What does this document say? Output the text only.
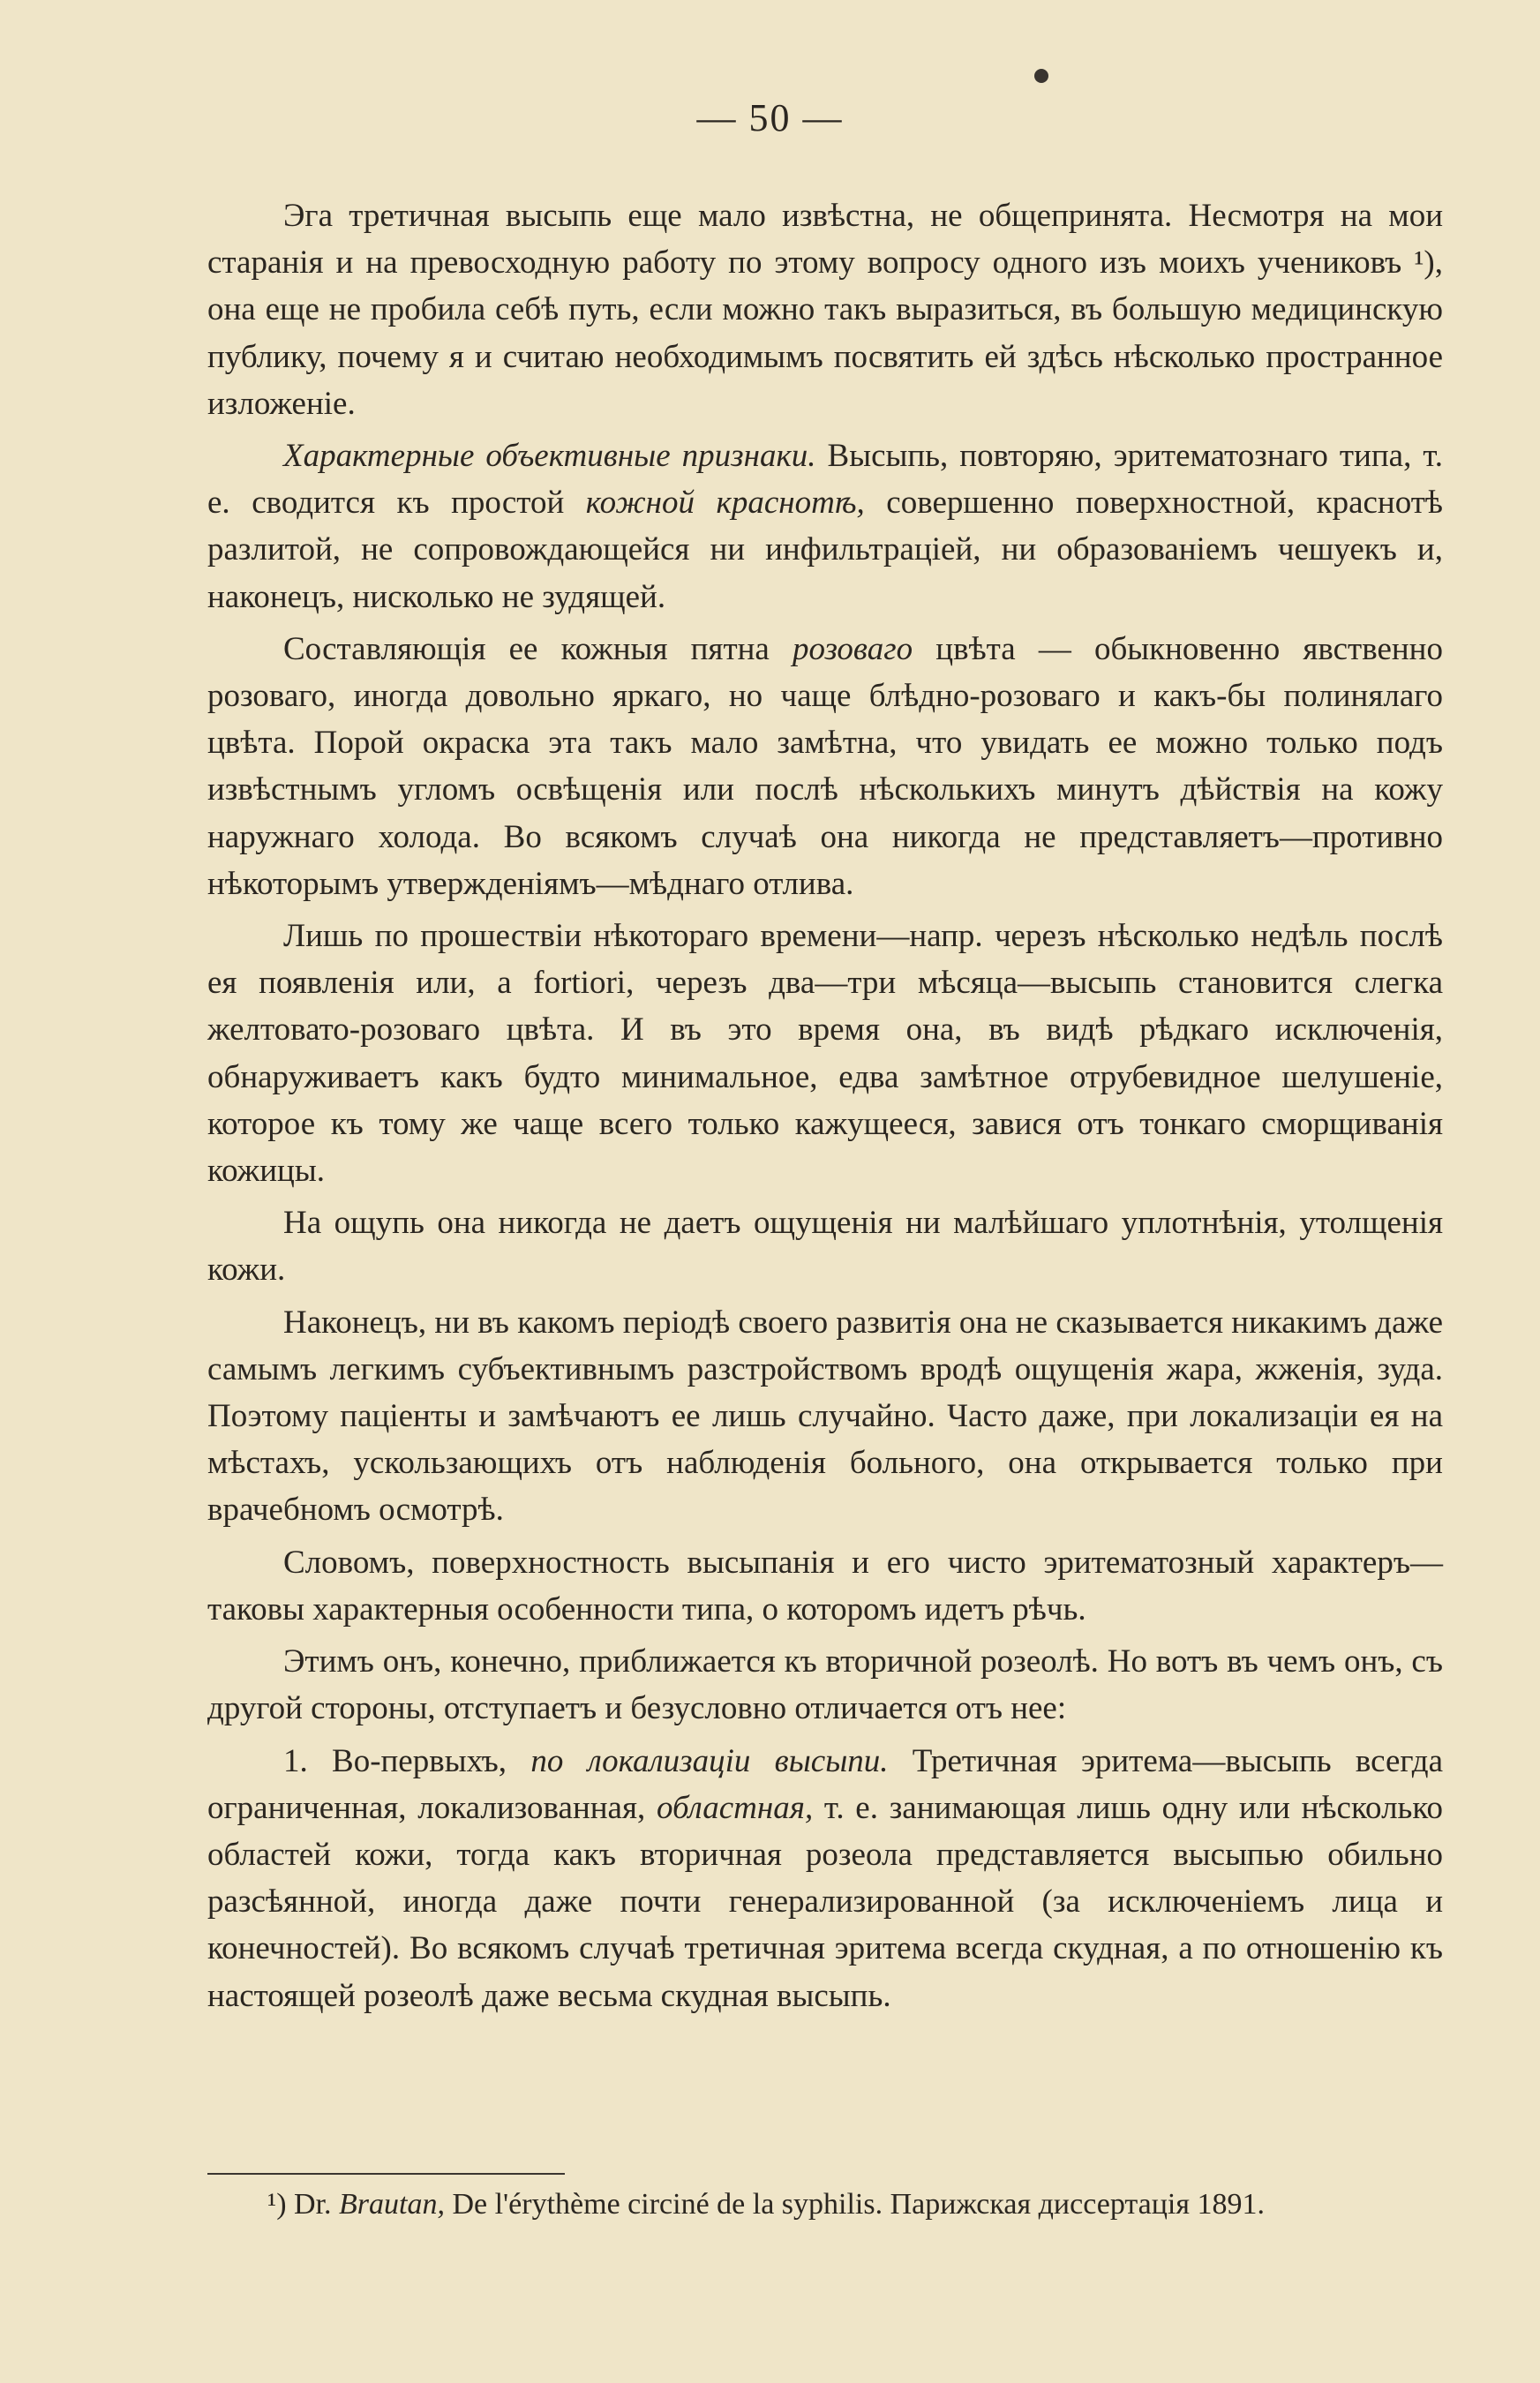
— 50 —

Эга третичная высыпь еще мало извѣстна, не общепринята. Несмотря на мои старанія и на превосходную работу по этому вопросу одного изъ моихъ учениковъ ¹), она еще не пробила себѣ путь, если можно такъ выразиться, въ большую медицинскую публику, почему я и считаю необходимымъ посвятить ей здѣсь нѣсколько пространное изложеніе.

Характерные объективные признаки. Высыпь, повторяю, эритематознаго типа, т. е. сводится къ простой кожной краснотѣ, совершенно поверхностной, краснотѣ разлитой, не сопровождающейся ни инфильтраціей, ни образованіемъ чешуекъ и, наконецъ, нисколько не зудящей.

Составляющія ее кожныя пятна розоваго цвѣта — обыкновенно явственно розоваго, иногда довольно яркаго, но чаще блѣдно-розоваго и какъ-бы полинялаго цвѣта. Порой окраска эта такъ мало замѣтна, что увидать ее можно только подъ извѣстнымъ угломъ освѣщенія или послѣ нѣсколькихъ минутъ дѣйствія на кожу наружнаго холода. Во всякомъ случаѣ она никогда не представляетъ—противно нѣкоторымъ утвержденіямъ—мѣднаго отлива.

Лишь по прошествіи нѣкотораго времени—напр. черезъ нѣсколько недѣль послѣ ея появленія или, a fortiori, черезъ два—три мѣсяца—высыпь становится слегка желтовато-розоваго цвѣта. И въ это время она, въ видѣ рѣдкаго исключенія, обнаруживаетъ какъ будто минимальное, едва замѣтное отрубевидное шелушеніе, которое къ тому же чаще всего только кажущееся, завися отъ тонкаго сморщиванія кожицы.

На ощупь она никогда не даетъ ощущенія ни малѣйшаго уплотнѣнія, утолщенія кожи.

Наконецъ, ни въ какомъ періодѣ своего развитія она не сказывается никакимъ даже самымъ легкимъ субъективнымъ разстройствомъ вродѣ ощущенія жара, жженія, зуда. Поэтому паціенты и замѣчаютъ ее лишь случайно. Часто даже, при локализаціи ея на мѣстахъ, ускользающихъ отъ наблюденія больного, она открывается только при врачебномъ осмотрѣ.

Словомъ, поверхностность высыпанія и его чисто эритематозный характеръ—таковы характерныя особенности типа, о которомъ идетъ рѣчь.

Этимъ онъ, конечно, приближается къ вторичной розеолѣ. Но вотъ въ чемъ онъ, съ другой стороны, отступаетъ и безусловно отличается отъ нее:

1. Во-первыхъ, по локализаціи высыпи. Третичная эритема—высыпь всегда ограниченная, локализованная, областная, т. е. занимающая лишь одну или нѣсколько областей кожи, тогда какъ вторичная розеола представляется высыпью обильно разсѣянной, иногда даже почти генерализированной (за исключеніемъ лица и конечностей). Во всякомъ случаѣ третичная эритема всегда скудная, а по отношенію къ настоящей розеолѣ даже весьма скудная высыпь.

¹) Dr. Brautan, De l'érythème circiné de la syphilis. Парижская диссертація 1891.
